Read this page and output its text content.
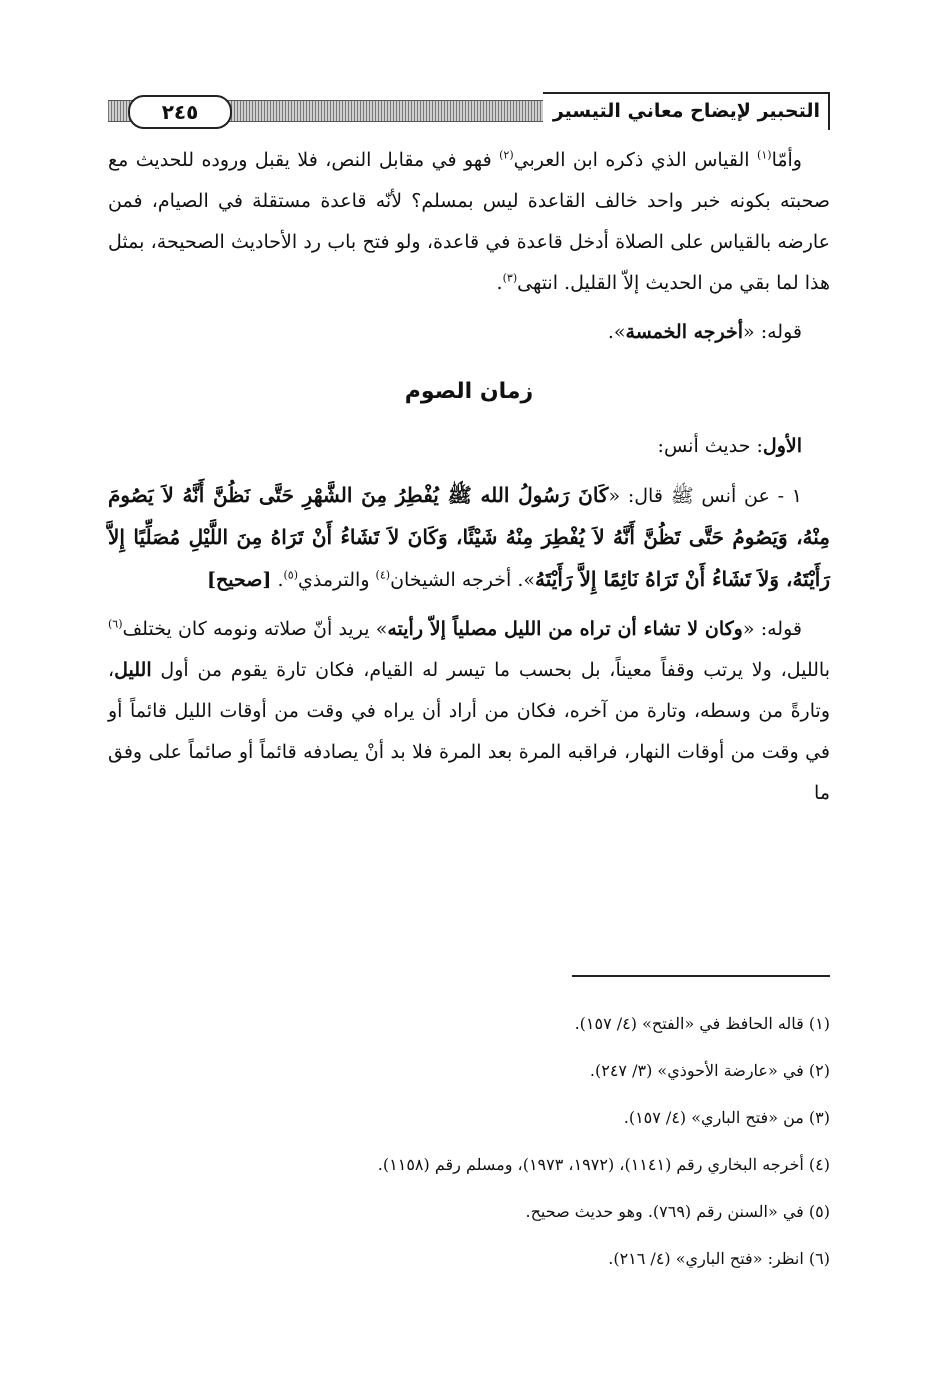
٢٤٥	التحبير لإيضاح معاني التيسير

وأمّا$^{(١)}$ القياس الذي ذكره ابن العربي$^{(٢)}$ فهو في مقابل النص، فلا يقبل وروده للحديث مع صحبته بكونه خبر واحد خالف القاعدة ليس بمسلم؟ لأنّه قاعدة مستقلة في الصيام، فمن عارضه بالقياس على الصلاة أدخل قاعدة في قاعدة، ولو فتح باب رد الأحاديث الصحيحة، بمثل هذا لما بقي من الحديث إلاّ القليل. انتهى$^{(٣)}$.

قوله: «أخرجه الخمسة».

زمان الصوم

الأول: حديث أنس:

١ - عن أنس ﷺ قال: «كَانَ رَسُولُ الله ﷺ يُفْطِرُ مِنَ الشَّهْرِ حَتَّى نَظُنَّ أَنَّهُ لاَ يَصُومَ مِنْهُ، وَيَصُومُ حَتَّى تَظُنَّ أَنَّهُ لاَ يُفْطِرَ مِنْهُ شَيْئًا، وَكَانَ لاَ تَشَاءُ أَنْ تَرَاهُ مِنَ اللَّيْلِ مُصَلِّيًا إِلاَّ رَأَيْتَهُ، وَلاَ تَشَاءُ أَنْ تَرَاهُ نَائِمًا إِلاَّ رَأَيْتَهُ». أخرجه الشيخان$^{(٤)}$ والترمذي$^{(٥)}$. [صحيح]

قوله: «وكان لا تشاء أن تراه من الليل مصلياً إلاّ رأيته» يريد أنّ صلاته ونومه كان يختلف$^{(٦)}$ بالليل، ولا يرتب وقفاً معيناً، بل بحسب ما تيسر له القيام، فكان تارة يقوم من أول الليل، وتارةً من وسطه، وتارة من آخره، فكان من أراد أن يراه في وقت من أوقات الليل قائماً أو في وقت من أوقات النهار، فراقبه المرة بعد المرة فلا بد أنْ يصادفه قائماً أو صائماً على وفق ما

(١) قاله الحافظ في «الفتح» (٤/ ١٥٧).
(٢) في «عارضة الأحوذي» (٣/ ٢٤٧).
(٣) من «فتح الباري» (٤/ ١٥٧).
(٤) أخرجه البخاري رقم (١١٤١)، (١٩٧٢، ١٩٧٣)، ومسلم رقم (١١٥٨).
(٥) في «السنن رقم (٧٦٩). وهو حديث صحيح.
(٦) انظر: «فتح الباري» (٤/ ٢١٦).
